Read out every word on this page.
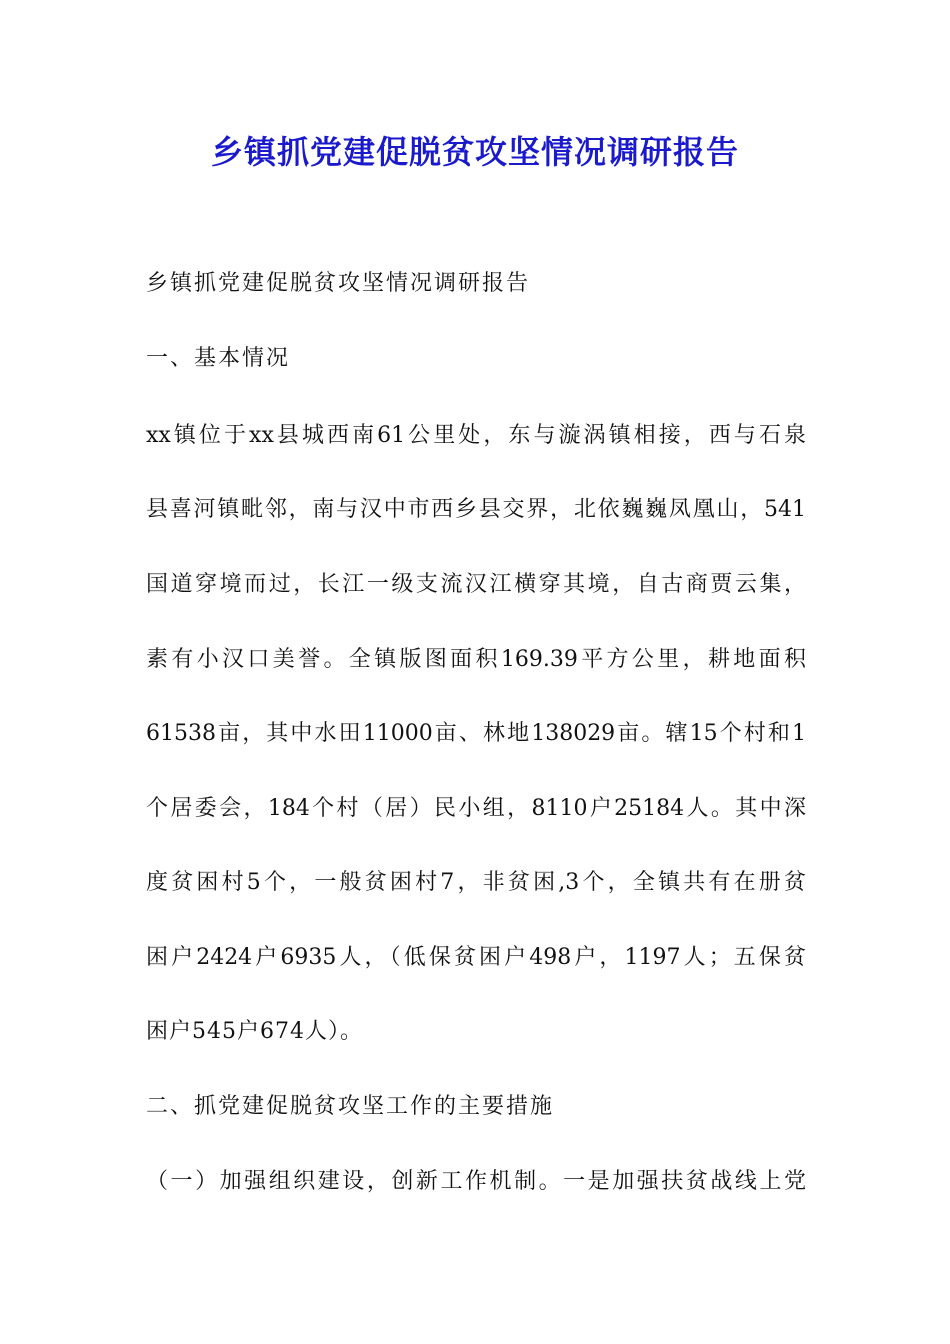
乡镇抓党建促脱贫攻坚情况调研报告
乡镇抓党建促脱贫攻坚情况调研报告
一、基本情况
xx镇位于xx县城西南61公里处，东与漩涡镇相接，西与石泉
县喜河镇毗邻，南与汉中市西乡县交界，北依巍巍凤凰山，541
国道穿境而过，长江一级支流汉江横穿其境，自古商贾云集，
素有小汉口美誉。全镇版图面积169.39平方公里，耕地面积
61538亩，其中水田11000亩、林地138029亩。辖15个村和1
个居委会，184个村（居）民小组，8110户25184人。其中深
度贫困村5个，一般贫困村7，非贫困,3个，全镇共有在册贫
困户2424户6935人，（低保贫困户498户，1197人；五保贫
困户545户674人）。
二、抓党建促脱贫攻坚工作的主要措施
（一）加强组织建设，创新工作机制。一是加强扶贫战线上党
